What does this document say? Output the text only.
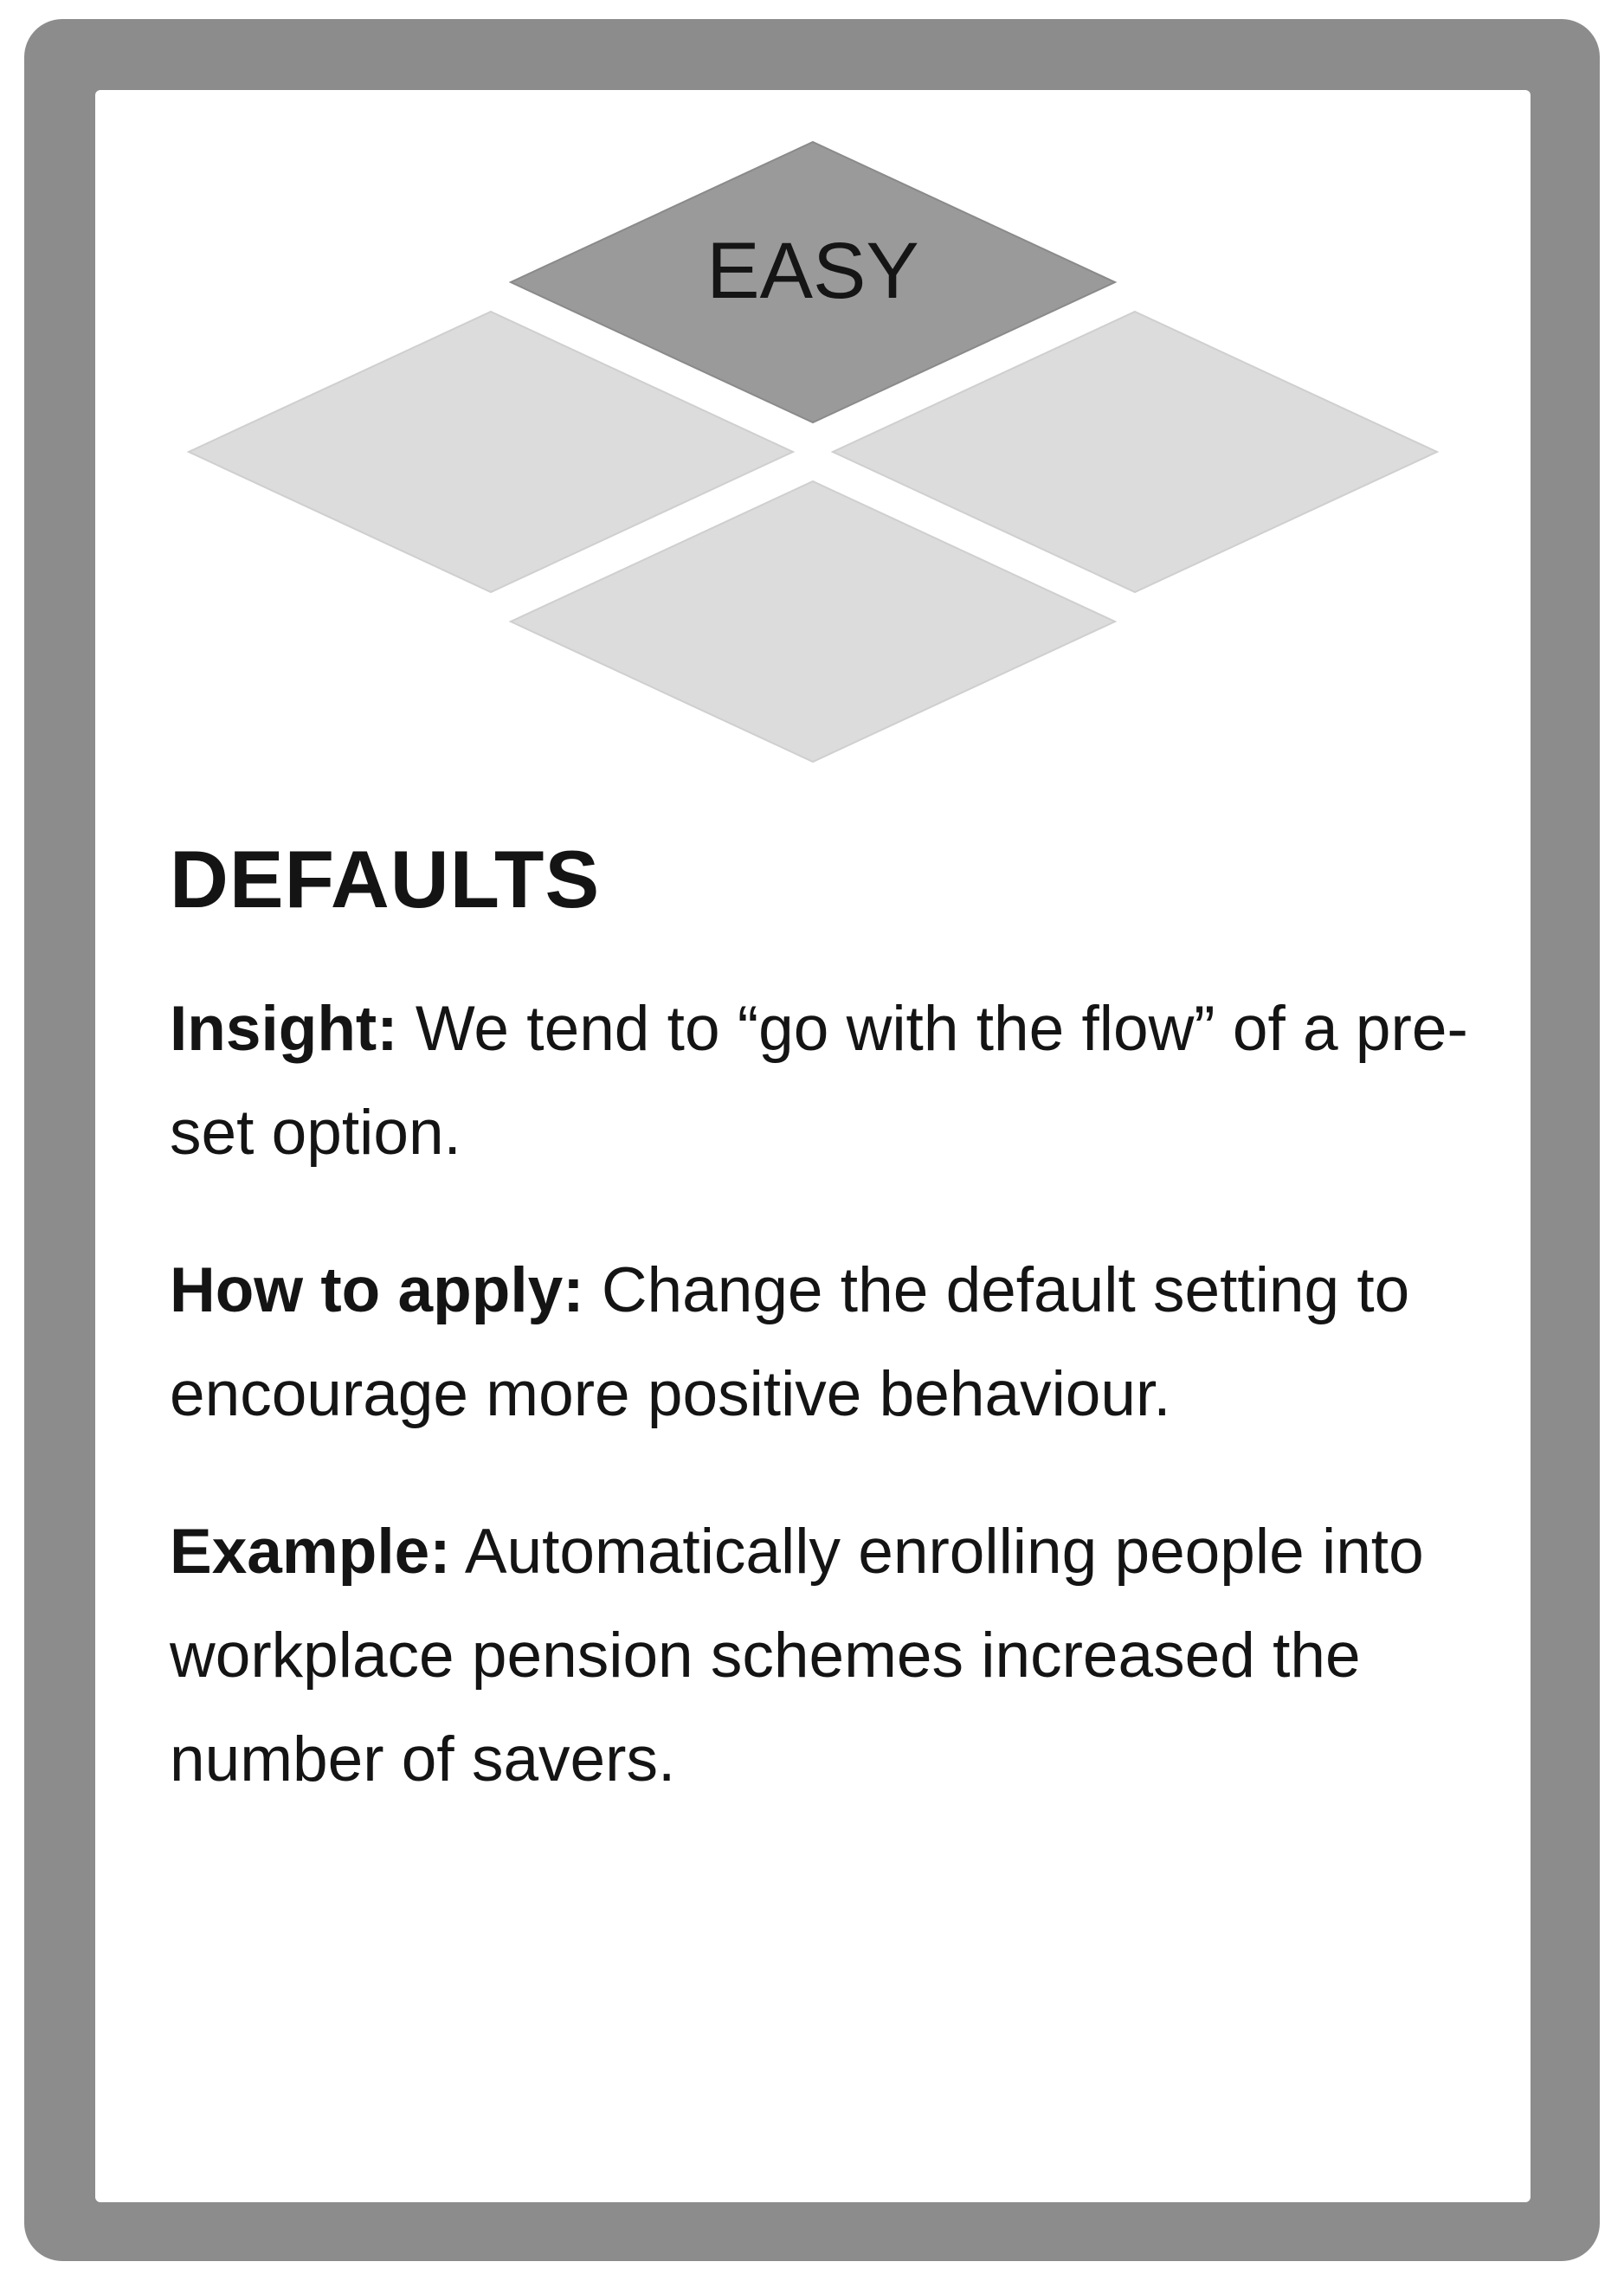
EASY
DEFAULTS

Insight: We tend to “go with the flow” of a pre-set option.

How to apply: Change the default setting to encourage more positive behaviour.

Example: Automatically enrolling people into workplace pension schemes increased the number of savers.
